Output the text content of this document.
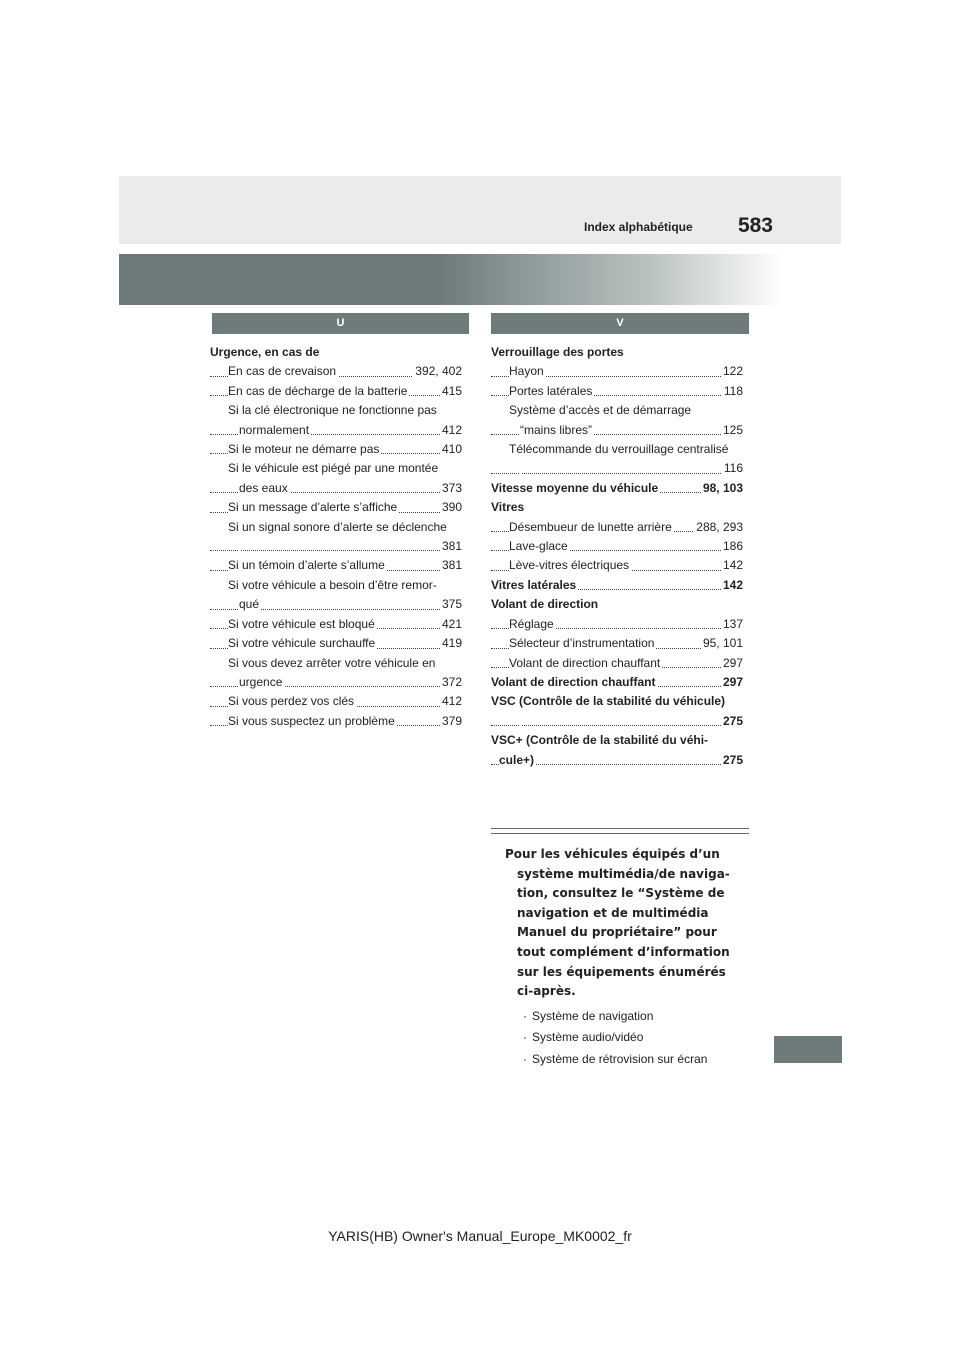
Index alphabétique 583
U	V
Urgence, en cas de
En cas de crevaison	392, 402
En cas de décharge de la batterie	415
Si la clé électronique ne fonctionne pas
normalement	412
Si le moteur ne démarre pas	410
Si le véhicule est piégé par une montée
des eaux	373
Si un message d’alerte s’affiche	390
Si un signal sonore d’alerte se déclenche
381
Si un témoin d’alerte s’allume	381
Si votre véhicule a besoin d’être remor-
qué	375
Si votre véhicule est bloqué	421
Si votre véhicule surchauffe	419
Si vous devez arrêter votre véhicule en
urgence	372
Si vous perdez vos clés	412
Si vous suspectez un problème	379
Verrouillage des portes
Hayon	122
Portes latérales	118
Système d’accès et de démarrage
“mains libres”	125
Télécommande du verrouillage centralisé
116
Vitesse moyenne du véhicule	98, 103
Vitres
Désembueur de lunette arrière 288, 293
Lave-glace	186
Lève-vitres électriques	142
Vitres latérales	142
Volant de direction
Réglage	137
Sélecteur d’instrumentation	95, 101
Volant de direction chauffant	297
Volant de direction chauffant	297
VSC (Contrôle de la stabilité du véhicule)
275
VSC+ (Contrôle de la stabilité du véhi-
cule+)	275
Pour les véhicules équipés d’un système multimédia/de naviga-tion, consultez le “Système de navigation et de multimédia Manuel du propriétaire” pour tout complément d’information sur les équipements énumérés ci-après.
· Système de navigation
· Système audio/vidéo
· Système de rétrovision sur écran
YARIS(HB) Owner's Manual_Europe_MK0002_fr
